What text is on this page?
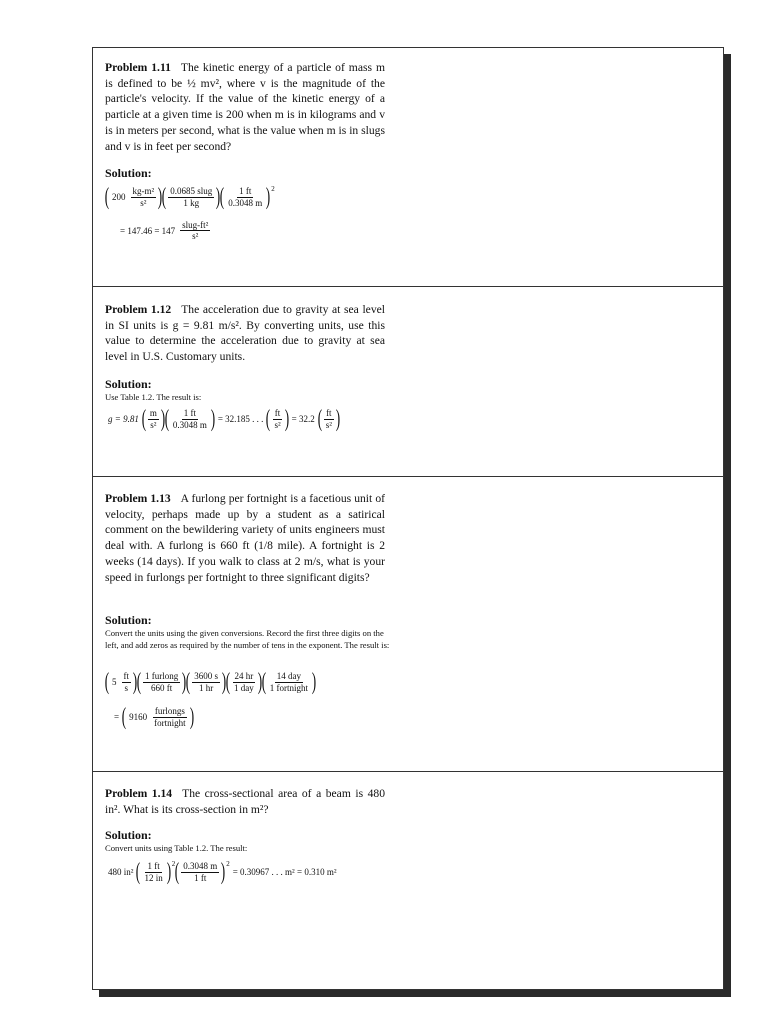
Problem 1.11 The kinetic energy of a particle of mass m is defined to be ½ mv², where v is the magnitude of the particle's velocity. If the value of the kinetic energy of a particle at a given time is 200 when m is in kilograms and v is in meters per second, what is the value when m is in slugs and v is in feet per second?
Solution:
( $200 \frac{\text{kg-m²}}{\text{s²}}$ ) ( $\frac{\text{0.0685 slug}}{1 kg}$ ) ( $\frac{1 ft}{0.3048 m}$ ) 2
= $147.46 = 147 \frac{\text{slug-ft²}}{\text{s²}}$
Problem 1.12 The acceleration due to gravity at sea level in SI units is g = 9.81 m/s². By converting units, use this value to determine the acceleration due to gravity at sea level in U.S. Customary units.
Solution:
Use Table 1.2. The result is:
g = 9.81 ( $\frac{m}{\text{s²}}$ ) ( $\frac{1 ft}{0.3048 m}$ ) = 32.185 . . . ( $\frac{ft}{\text{s²}}$ ) = 32.2 ( $\frac{ft}{\text{s²}}$ )
Problem 1.13 A furlong per fortnight is a facetious unit of velocity, perhaps made up by a student as a satirical comment on the bewildering variety of units engineers must deal with. A furlong is 660 ft (1/8 mile). A fortnight is 2 weeks (14 days). If you walk to class at 2 m/s, what is your speed in furlongs per fortnight to three significant digits?
Solution:
Convert the units using the given conversions. Record the first three digits on the left, and add zeros as required by the number of tens in the exponent. The result is:
( $5 \frac{ft}{s}$ ) ( $\frac{\text{1 furlong}}{660 ft}$ ) ( $\frac{3600 s}{1 hr}$ ) ( $\frac{24 hr}{\text{1 day}}$ ) ( $\frac{\text{14 day}}{\text{1 fortnight}}$ )
= ( $9160 \frac{\text{furlongs}}{\text{fortnight}}$ )
Problem 1.14 The cross-sectional area of a beam is 480 in². What is its cross-section in m²?
Solution:
Convert units using Table 1.2. The result:
480 in² ( $\frac{1 ft}{12 in}$ ) 2 ( $\frac{0.3048 m}{1 ft}$ ) 2
= 0.30967 . . . m² = 0.310 m²
